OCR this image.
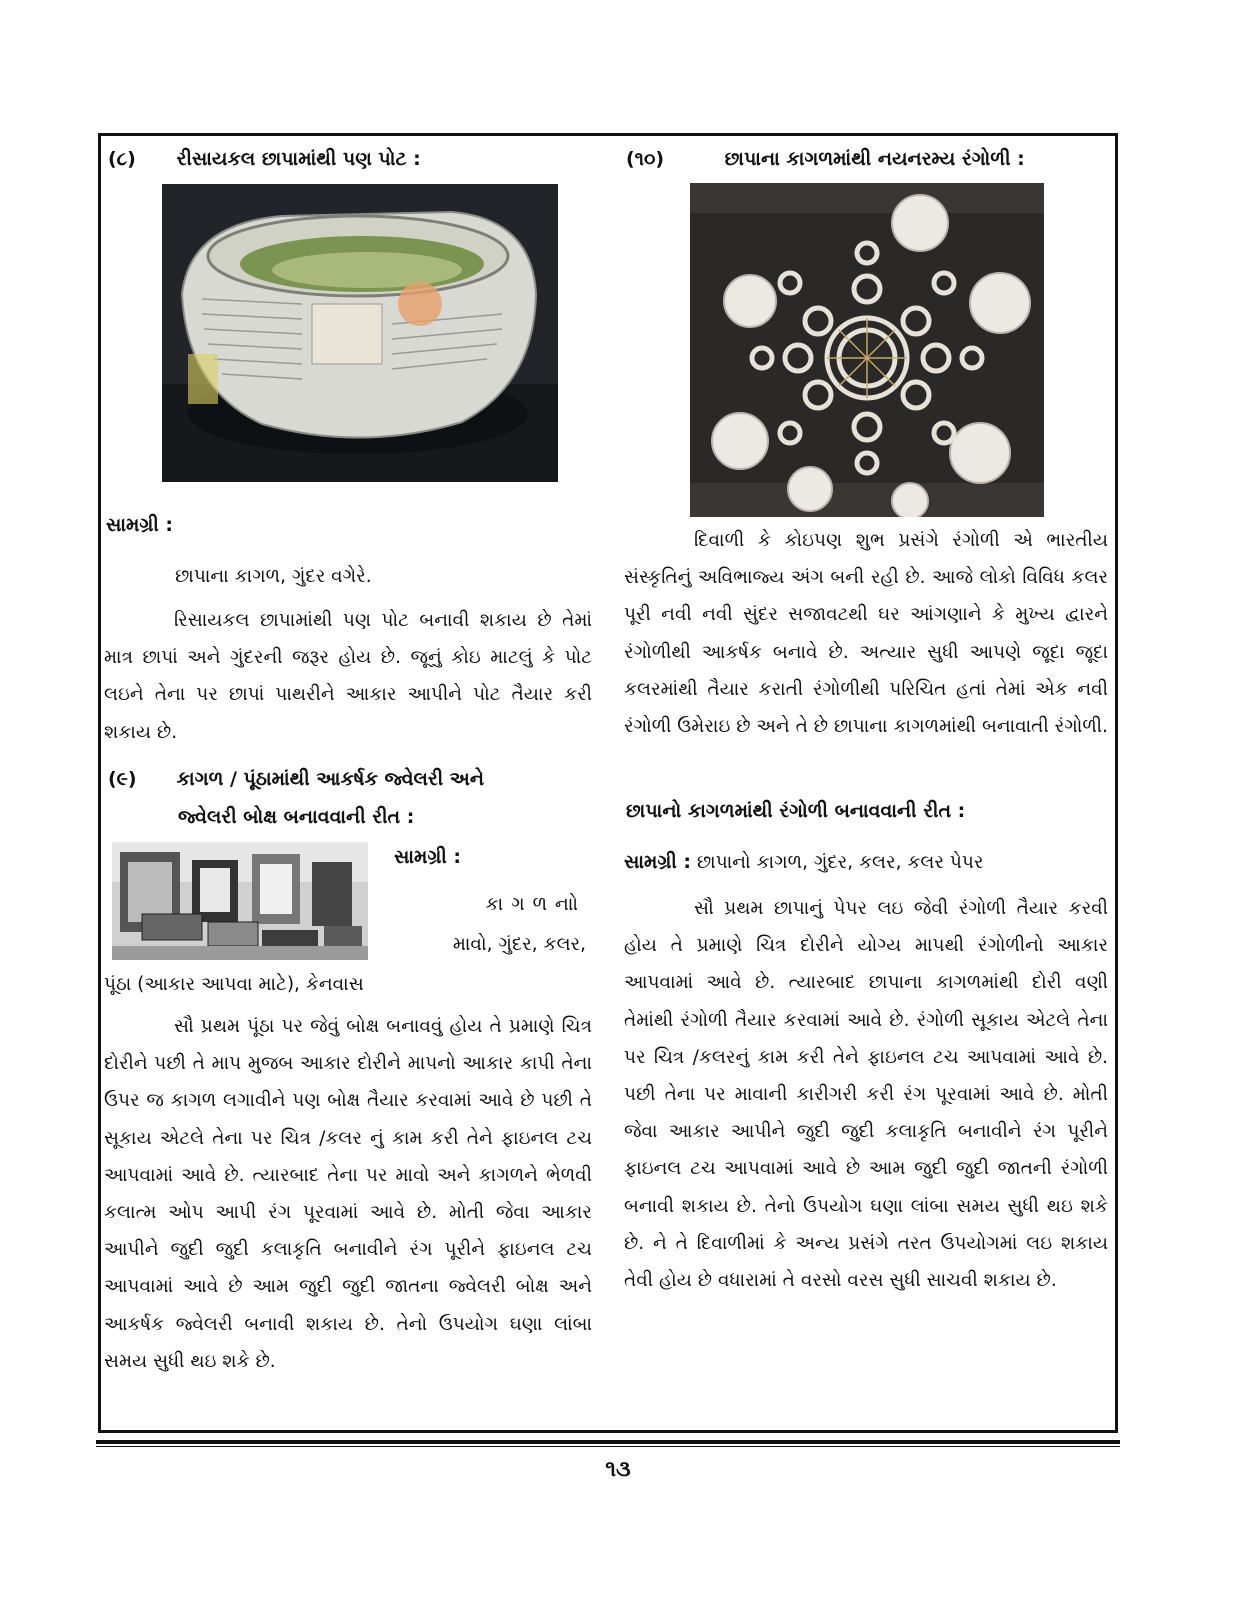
(૮) રીસાયકલ છાપામાંથી પણ પોટ :
સામગ્રી :
છાપાના કાગળ, ગુંદર વગેરે.
રિસાયકલ છાપામાંથી પણ પોટ બનાવી શકાય છે તેમાં માત્ર છાપાં અને ગુંદરની જરૂર હોય છે. જૂનું કોઇ માટલું કે પોટ લઇને તેના પર છાપાં પાથરીને આકાર આપીને પોટ તૈયાર કરી શકાય છે.
(૯) કાગળ / પૂંઠામાંથી આકર્ષક જ્વેલરી અને
જ્વેલરી બોક્ષ બનાવવાની રીત :
સામગ્રી :
કાગળનાો
માવો, ગુંદર, કલર,
પૂંઠા (આકાર આપવા માટે), કેનવાસ
સૌ પ્રથમ પૂંઠા પર જેવું બોક્ષ બનાવવું હોય તે પ્રમાણે ચિત્ર દોરીને પછી તે માપ મુજબ આકાર દોરીને માપનો આકાર કાપી તેના ઉપર જ કાગળ લગાવીને પણ બોક્ષ તૈયાર કરવામાં આવે છે પછી તે સૂકાય એટલે તેના પર ચિત્ર /કલર નું કામ કરી તેને ફાઇનલ ટચ આપવામાં આવે છે. ત્યારબાદ તેના પર માવો અને કાગળને ભેળવી કલાત્મ ઓપ આપી રંગ પૂરવામાં આવે છે. મોતી જેવા આકાર આપીને જુદી જુદી કલાકૃતિ બનાવીને રંગ પૂરીને ફાઇનલ ટચ આપવામાં આવે છે આમ જુદી જુદી જાતના જ્વેલરી બોક્ષ અને આકર્ષક જ્વેલરી બનાવી શકાય છે. તેનો ઉપયોગ ઘણા લાંબા સમય સુધી થઇ શકે છે.
(૧૦)	છાપાના કાગળમાંથી નયનરમ્ય રંગોળી :
દિવાળી કે કોઇપણ શુભ પ્રસંગે રંગોળી એ ભારતીય સંસ્કૃતિનું અવિભાજ્ય અંગ બની રહી છે. આજે લોકો વિવિધ કલર પૂરી નવી નવી સુંદર સજાવટથી ઘર આંગણાને કે મુખ્ય દ્વારને રંગોળીથી આકર્ષક બનાવે છે. અત્યાર સુધી આપણે જૂદા જૂદા કલરમાંથી તૈયાર કરાતી રંગોળીથી પરિચિત હતાં તેમાં એક નવી રંગોળી ઉમેરાઇ છે અને તે છે છાપાના કાગળમાંથી બનાવાતી રંગોળી.
છાપાનો કાગળમાંથી રંગોળી બનાવવાની રીત :
સામગ્રી : છાપાનો કાગળ, ગુંદર, કલર, કલર પેપર
સૌ પ્રથમ છાપાનું પેપર લઇ જેવી રંગોળી તૈયાર કરવી હોય તે પ્રમાણે ચિત્ર દોરીને યોગ્ય માપથી રંગોળીનો આકાર આપવામાં આવે છે. ત્યારબાદ છાપાના કાગળમાંથી દોરી વણી તેમાંથી રંગોળી તૈયાર કરવામાં આવે છે. રંગોળી સૂકાય એટલે તેના પર ચિત્ર /કલરનું કામ કરી તેને ફાઇનલ ટચ આપવામાં આવે છે. પછી તેના પર માવાની કારીગરી કરી રંગ પૂરવામાં આવે છે. મોતી જેવા આકાર આપીને જુદી જુદી કલાકૃતિ બનાવીને રંગ પૂરીને ફાઇનલ ટચ આપવામાં આવે છે આમ જુદી જુદી જાતની રંગોળી બનાવી શકાય છે. તેનો ઉપયોગ ઘણા લાંબા સમય સુધી થઇ શકે છે. ને તે દિવાળીમાં કે અન્ય પ્રસંગે તરત ઉપયોગમાં લઇ શકાય તેવી હોય છે વધારામાં તે વરસો વરસ સુધી સાચવી શકાય છે.
૧૩
